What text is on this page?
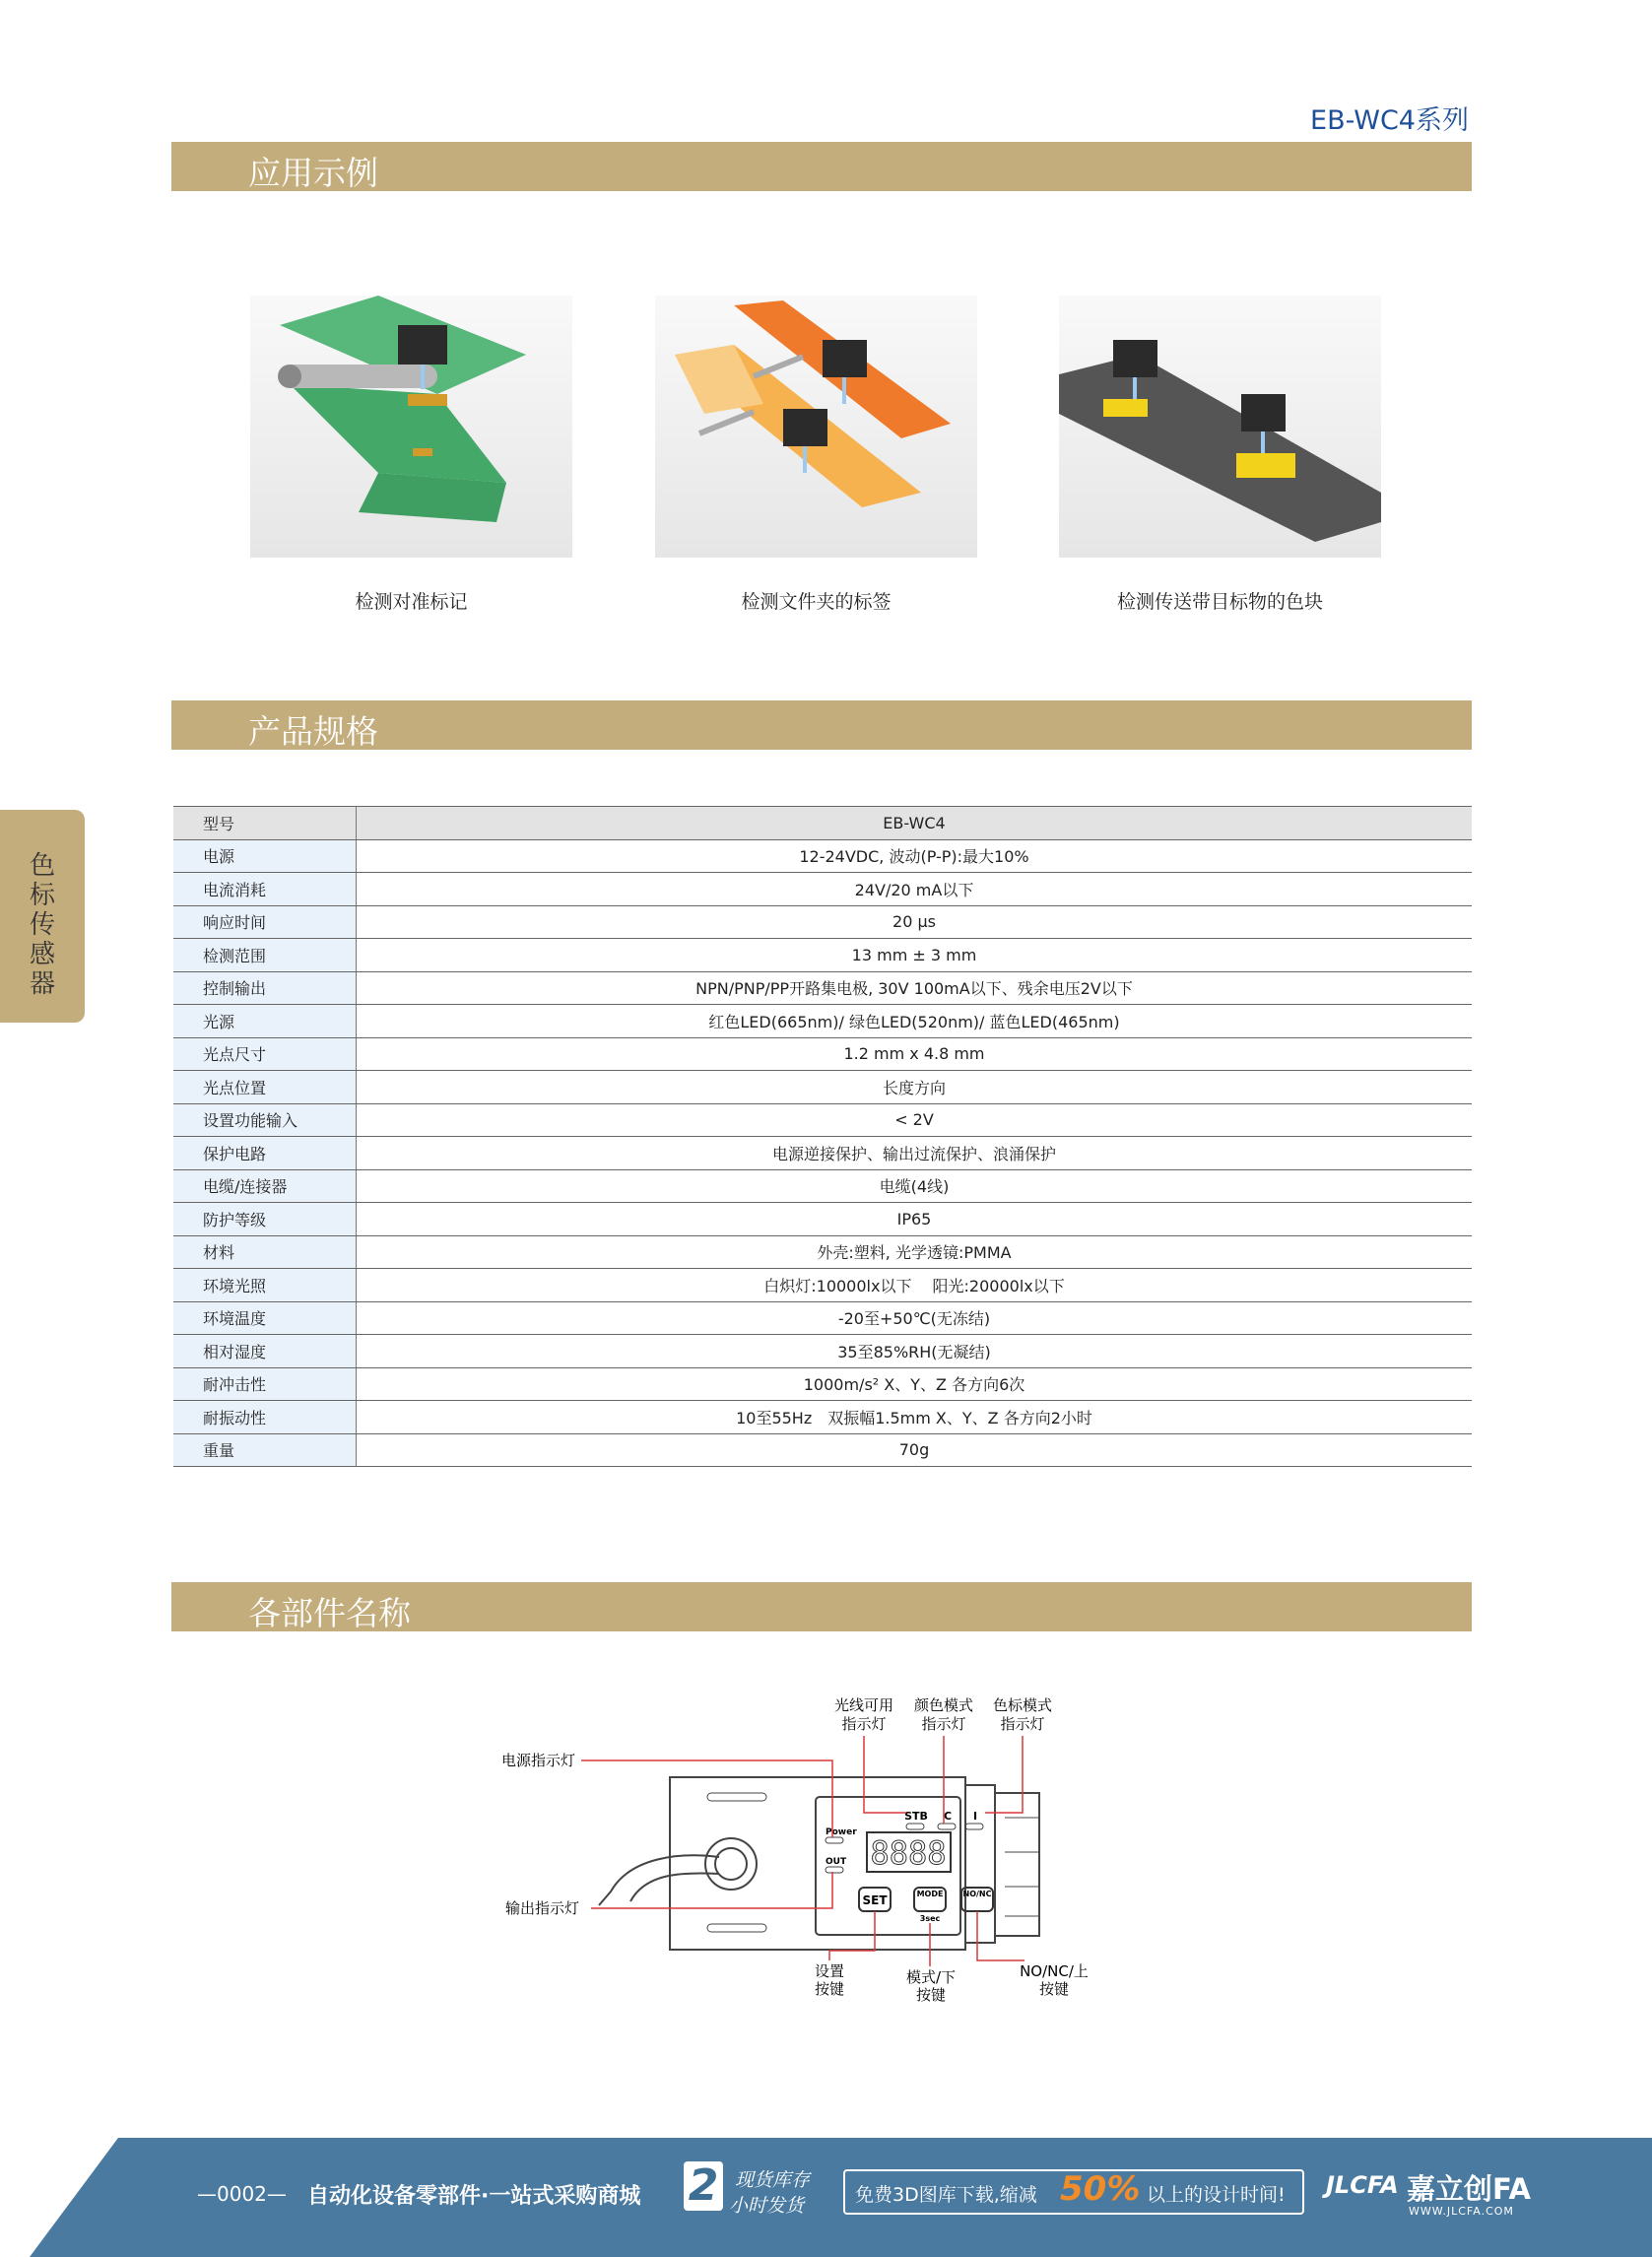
EB-WC4系列
应用示例
检测对准标记	检测文件夹的标签	检测传送带目标物的色块
产品规格
色标传感器
型号	EB-WC4
电源	12-24VDC, 波动(P-P):最大10%
电流消耗	24V/20 mA以下
响应时间	20 μs
检测范围	13 mm ± 3 mm
控制输出	NPN/PNP/PP开路集电极, 30V 100mA以下、残余电压2V以下
光源	红色LED(665nm)/ 绿色LED(520nm)/ 蓝色LED(465nm)
光点尺寸	1.2 mm x 4.8 mm
光点位置	长度方向
设置功能输入	< 2V
保护电路	电源逆接保护、输出过流保护、浪涌保护
电缆/连接器	电缆(4线)
防护等级	IP65
材料	外壳:塑料, 光学透镜:PMMA
环境光照	白炽灯:10000lx以下　 阳光:20000lx以下
环境温度	-20至+50℃(无冻结)
相对湿度	35至85%RH(无凝结)
耐冲击性	1000m/s² X、Y、Z 各方向6次
耐振动性	10至55Hz　双振幅1.5mm X、Y、Z 各方向2小时
重量	70g
各部件名称
光线可用
指示灯
颜色模式
指示灯
色标模式
指示灯
电源指示灯
输出指示灯
设置
按键
模式/下
按键
NO/NC/上
按键
STB C I
Power
OUT 8888
SET	MODE
3sec
NO/NC
—0002— 自动化设备零部件·一站式采购商城 2 现货库存
小时发货	免费3D图库下载,缩减 50% 以上的设计时间! JLCFA 嘉立创FA
WWW.JLCFA.COM
